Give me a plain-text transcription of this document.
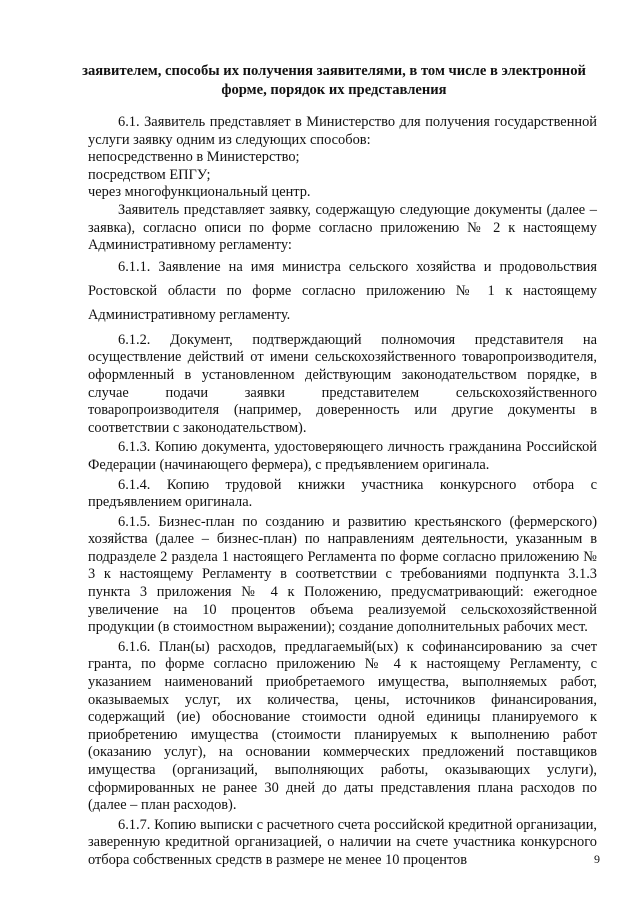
заявителем, способы их получения заявителями, в том числе в электронной форме, порядок их представления

6.1. Заявитель представляет в Министерство для получения государственной услуги заявку одним из следующих способов:

непосредственно в Министерство;

посредством ЕПГУ;

через многофункциональный центр.

Заявитель представляет заявку, содержащую следующие документы (далее – заявка), согласно описи по форме согласно приложению № 2 к настоящему Административному регламенту:

6.1.1. Заявление на имя министра сельского хозяйства и продовольствия Ростовской области по форме согласно приложению № 1 к настоящему Административному регламенту.

6.1.2. Документ, подтверждающий полномочия представителя на осуществление действий от имени сельскохозяйственного товаропроизводителя, оформленный в установленном действующим законодательством порядке, в случае подачи заявки представителем сельскохозяйственного товаропроизводителя (например, доверенность или другие документы в соответствии с законодательством).

6.1.3. Копию документа, удостоверяющего личность гражданина Российской Федерации (начинающего фермера), с предъявлением оригинала.

6.1.4. Копию трудовой книжки участника конкурсного отбора с предъявлением оригинала.

6.1.5. Бизнес-план по созданию и развитию крестьянского (фермерского) хозяйства (далее – бизнес-план) по направлениям деятельности, указанным в подразделе 2 раздела 1 настоящего Регламента по форме согласно приложению № 3 к настоящему Регламенту в соответствии с требованиями подпункта 3.1.3 пункта 3 приложения № 4 к Положению, предусматривающий: ежегодное увеличение на 10 процентов объема реализуемой сельскохозяйственной продукции (в стоимостном выражении); создание дополнительных рабочих мест.

6.1.6. План(ы) расходов, предлагаемый(ых) к софинансированию за счет гранта, по форме согласно приложению № 4 к настоящему Регламенту, с указанием наименований приобретаемого имущества, выполняемых работ, оказываемых услуг, их количества, цены, источников финансирования, содержащий (ие) обоснование стоимости одной единицы планируемого к приобретению имущества (стоимости планируемых к выполнению работ (оказанию услуг), на основании коммерческих предложений поставщиков имущества (организаций, выполняющих работы, оказывающих услуги), сформированных не ранее 30 дней до даты представления плана расходов по (далее – план расходов).

6.1.7. Копию выписки с расчетного счета российской кредитной организации, заверенную кредитной организацией, о наличии на счете участника конкурсного отбора собственных средств в размере не менее 10 процентов	9
